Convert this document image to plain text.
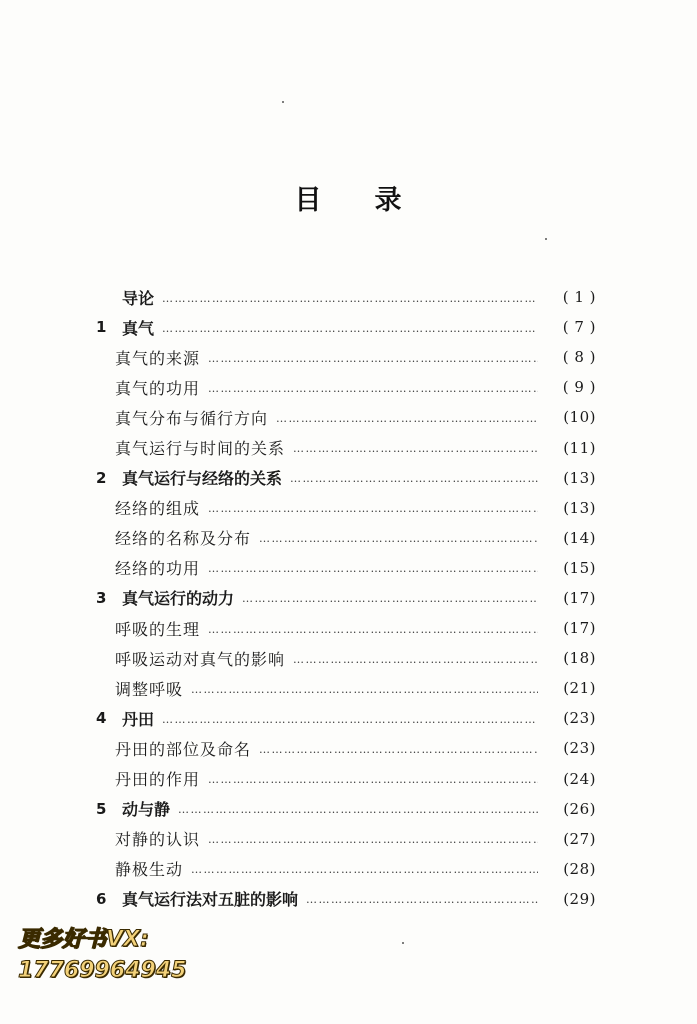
目 录
导论 …………………………………………………………………………………………………………………………………	( 1 )
1 真气 …………………………………………………………………………………………………………………………………	( 7 )
真气的来源 …………………………………………………………………………………………………………………………………	( 8 )
真气的功用 …………………………………………………………………………………………………………………………………	( 9 )
真气分布与循行方向 …………………………………………………………………………………………………………………………………	(10)
真气运行与时间的关系 …………………………………………………………………………………………………………………………………	(11)
2 真气运行与经络的关系 …………………………………………………………………………………………………………………………………	(13)
经络的组成 …………………………………………………………………………………………………………………………………	(13)
经络的名称及分布 …………………………………………………………………………………………………………………………………	(14)
经络的功用 …………………………………………………………………………………………………………………………………	(15)
3 真气运行的动力 …………………………………………………………………………………………………………………………………	(17)
呼吸的生理 …………………………………………………………………………………………………………………………………	(17)
呼吸运动对真气的影响 …………………………………………………………………………………………………………………………………	(18)
调整呼吸 …………………………………………………………………………………………………………………………………	(21)
4 丹田 …………………………………………………………………………………………………………………………………	(23)
丹田的部位及命名 …………………………………………………………………………………………………………………………………	(23)
丹田的作用 …………………………………………………………………………………………………………………………………	(24)
5 动与静 …………………………………………………………………………………………………………………………………	(26)
对静的认识 …………………………………………………………………………………………………………………………………	(27)
静极生动 …………………………………………………………………………………………………………………………………	(28)
6 真气运行法对五脏的影响 …………………………………………………………………………………………………………………………………	(29)
更多好书VX:
17769964945
